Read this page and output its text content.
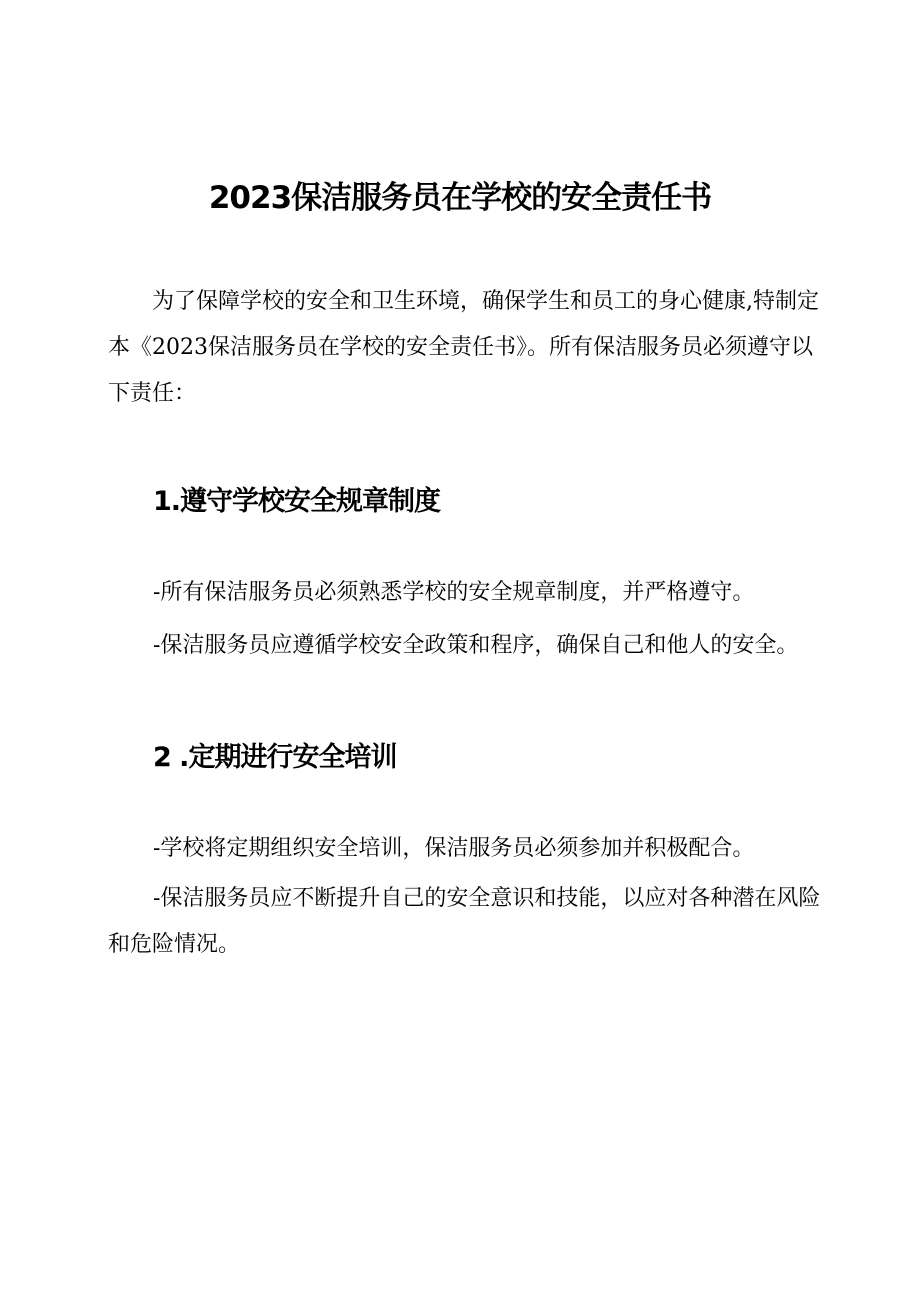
2023保洁服务员在学校的安全责任书

为了保障学校的安全和卫生环境，确保学生和员工的身心健康,特制定本《2023保洁服务员在学校的安全责任书》。所有保洁服务员必须遵守以下责任：

1.遵守学校安全规章制度

-所有保洁服务员必须熟悉学校的安全规章制度，并严格遵守。

-保洁服务员应遵循学校安全政策和程序，确保自己和他人的安全。

2 .定期进行安全培训

-学校将定期组织安全培训，保洁服务员必须参加并积极配合。

-保洁服务员应不断提升自己的安全意识和技能，以应对各种潜在风险和危险情况。
